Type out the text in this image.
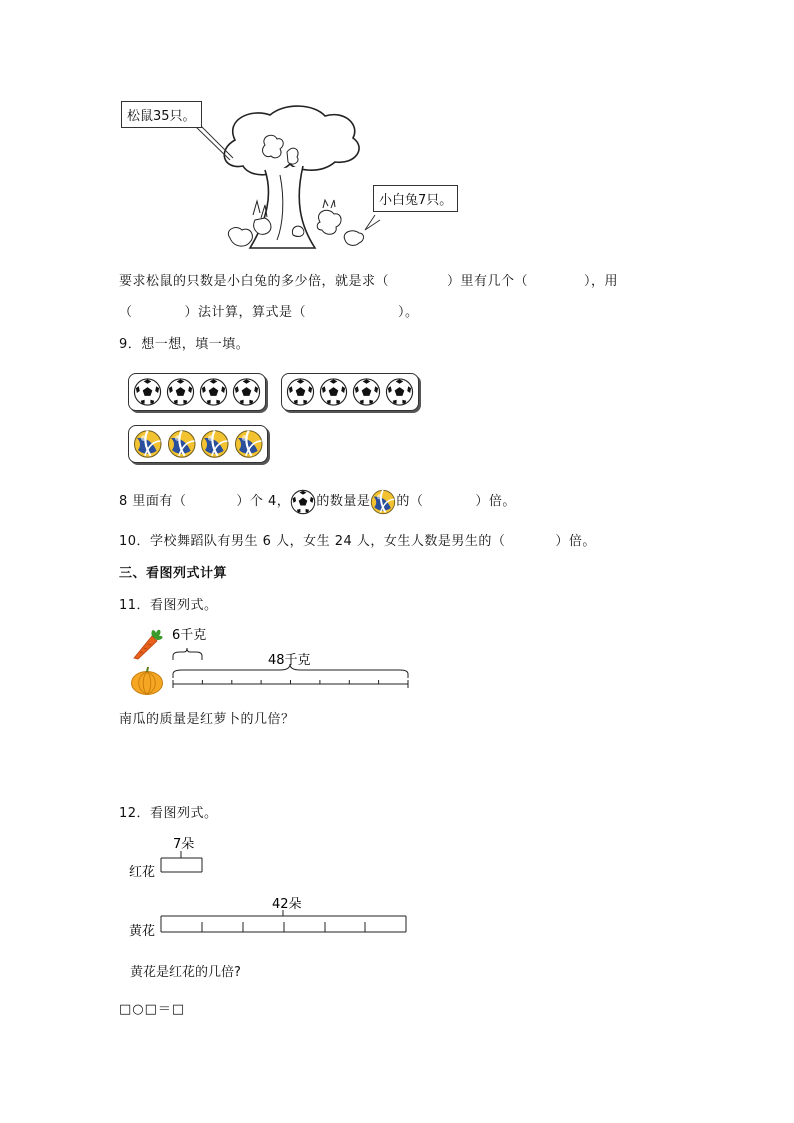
松鼠35只。
小白兔7只。
要求松鼠的只数是小白兔的多少倍，就是求（	）里有几个（	），用
（	）法计算，算式是（	）。
9．想一想，填一填。
8 里面有（	）个 4， 的数量是 的（	）倍。
10．学校舞蹈队有男生 6 人，女生 24 人，女生人数是男生的（	）倍。
三、看图列式计算
11．看图列式。
6千克
48千克
南瓜的质量是红萝卜的几倍？
12．看图列式。
7朵
红花
42朵
黄花
黄花是红花的几倍?
□○□＝□
